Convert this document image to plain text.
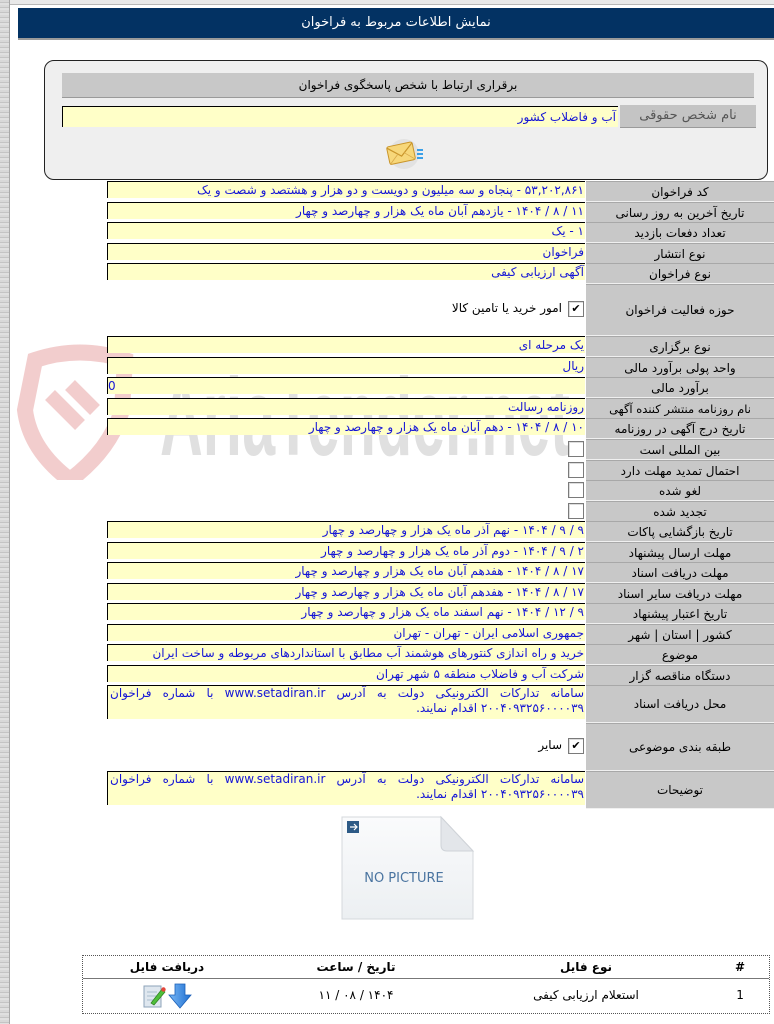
نمایش اطلاعات مربوط به فراخوان
برقراری ارتباط با شخص پاسخگوی فراخوان
نام شخص حقوقی
آب و فاضلاب کشور
کد فراخوان
۵۳,۲۰۲,۸۶۱ - پنجاه و سه میلیون و دویست و دو هزار و هشتصد و شصت و یک
تاریخ آخرین به روز رسانی
۱۱ / ۸ / ۱۴۰۴ - یازدهم آبان ماه یک هزار و چهارصد و چهار
تعداد دفعات بازدید
۱ - یک
نوع انتشار
فراخوان
نوع فراخوان
آگهی ارزیابی کیفی
حوزه فعالیت فراخوان
✔
امور خرید یا تامین کالا
نوع برگزاری
یک مرحله ای
واحد پولی برآورد مالی
ریال
برآورد مالی
0
نام روزنامه منتشر کننده آگهی
روزنامه رسالت
تاریخ درج آگهی در روزنامه
۱۰ / ۸ / ۱۴۰۴ - دهم آبان ماه یک هزار و چهارصد و چهار
بین المللی است
احتمال تمدید مهلت دارد
لغو شده
تجدید شده
تاریخ بازگشایی پاکات
۹ / ۹ / ۱۴۰۴ - نهم آذر ماه یک هزار و چهارصد و چهار
مهلت ارسال پیشنهاد
۲ / ۹ / ۱۴۰۴ - دوم آذر ماه یک هزار و چهارصد و چهار
مهلت دریافت اسناد
۱۷ / ۸ / ۱۴۰۴ - هفدهم آبان ماه یک هزار و چهارصد و چهار
مهلت دریافت سایر اسناد
۱۷ / ۸ / ۱۴۰۴ - هفدهم آبان ماه یک هزار و چهارصد و چهار
تاریخ اعتبار پیشنهاد
۹ / ۱۲ / ۱۴۰۴ - نهم اسفند ماه یک هزار و چهارصد و چهار
کشور | استان | شهر
جمهوری اسلامی ایران - تهران - تهران
موضوع
خرید و راه اندازی کنتورهای هوشمند آب مطابق با استانداردهای مربوطه و ساخت ایران
دستگاه مناقصه گزار
شرکت آب و فاضلاب منطقه ۵ شهر تهران
محل دریافت اسناد
سامانه تدارکات الکترونیکی دولت به آدرس www.setadiran.ir با شماره فراخوان ۲۰۰۴۰۹۳۲۵۶۰۰۰۰۳۹ اقدام نمایند.
طبقه بندی موضوعی
✔
سایر
توضیحات
سامانه تدارکات الکترونیکی دولت به آدرس www.setadiran.ir با شماره فراخوان ۲۰۰۴۰۹۳۲۵۶۰۰۰۰۳۹ اقدام نمایند.
NO PICTURE
#
نوع فایل
تاریخ / ساعت
دریافت فایل
1
استعلام ارزیابی کیفی
۱۴۰۴ / ۰۸ / ۱۱
